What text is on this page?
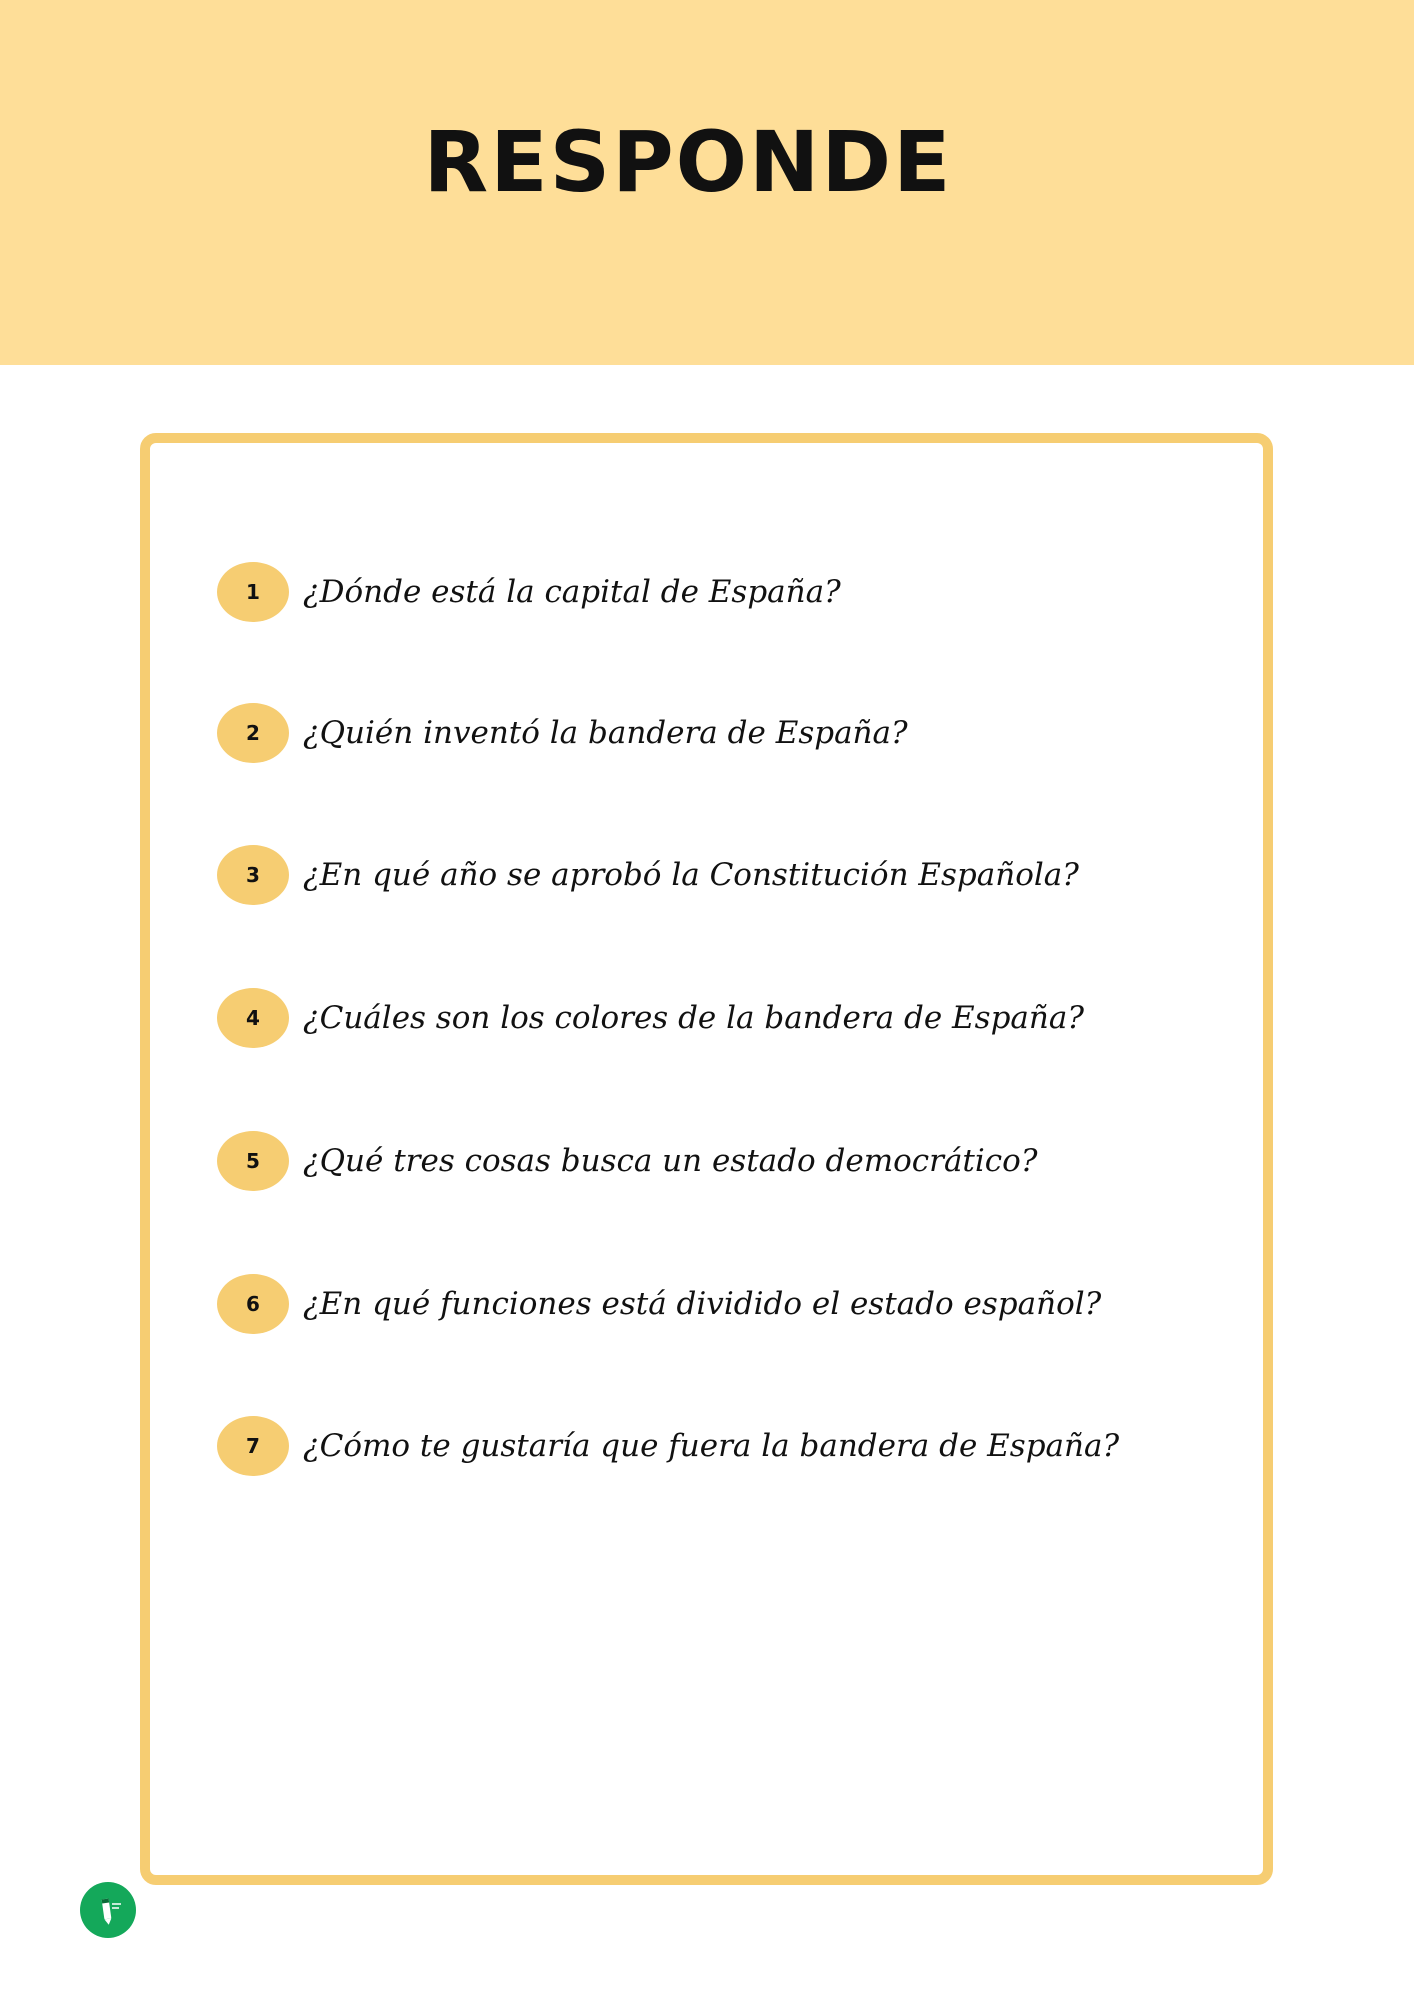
RESPONDE
1	¿Dónde está la capital de España?
2	¿Quién inventó la bandera de España?
3	¿En qué año se aprobó la Constitución Española?
4	¿Cuáles son los colores de la bandera de España?
5	¿Qué tres cosas busca un estado democrático?
6	¿En qué funciones está dividido el estado español?
7	¿Cómo te gustaría que fuera la bandera de España?
